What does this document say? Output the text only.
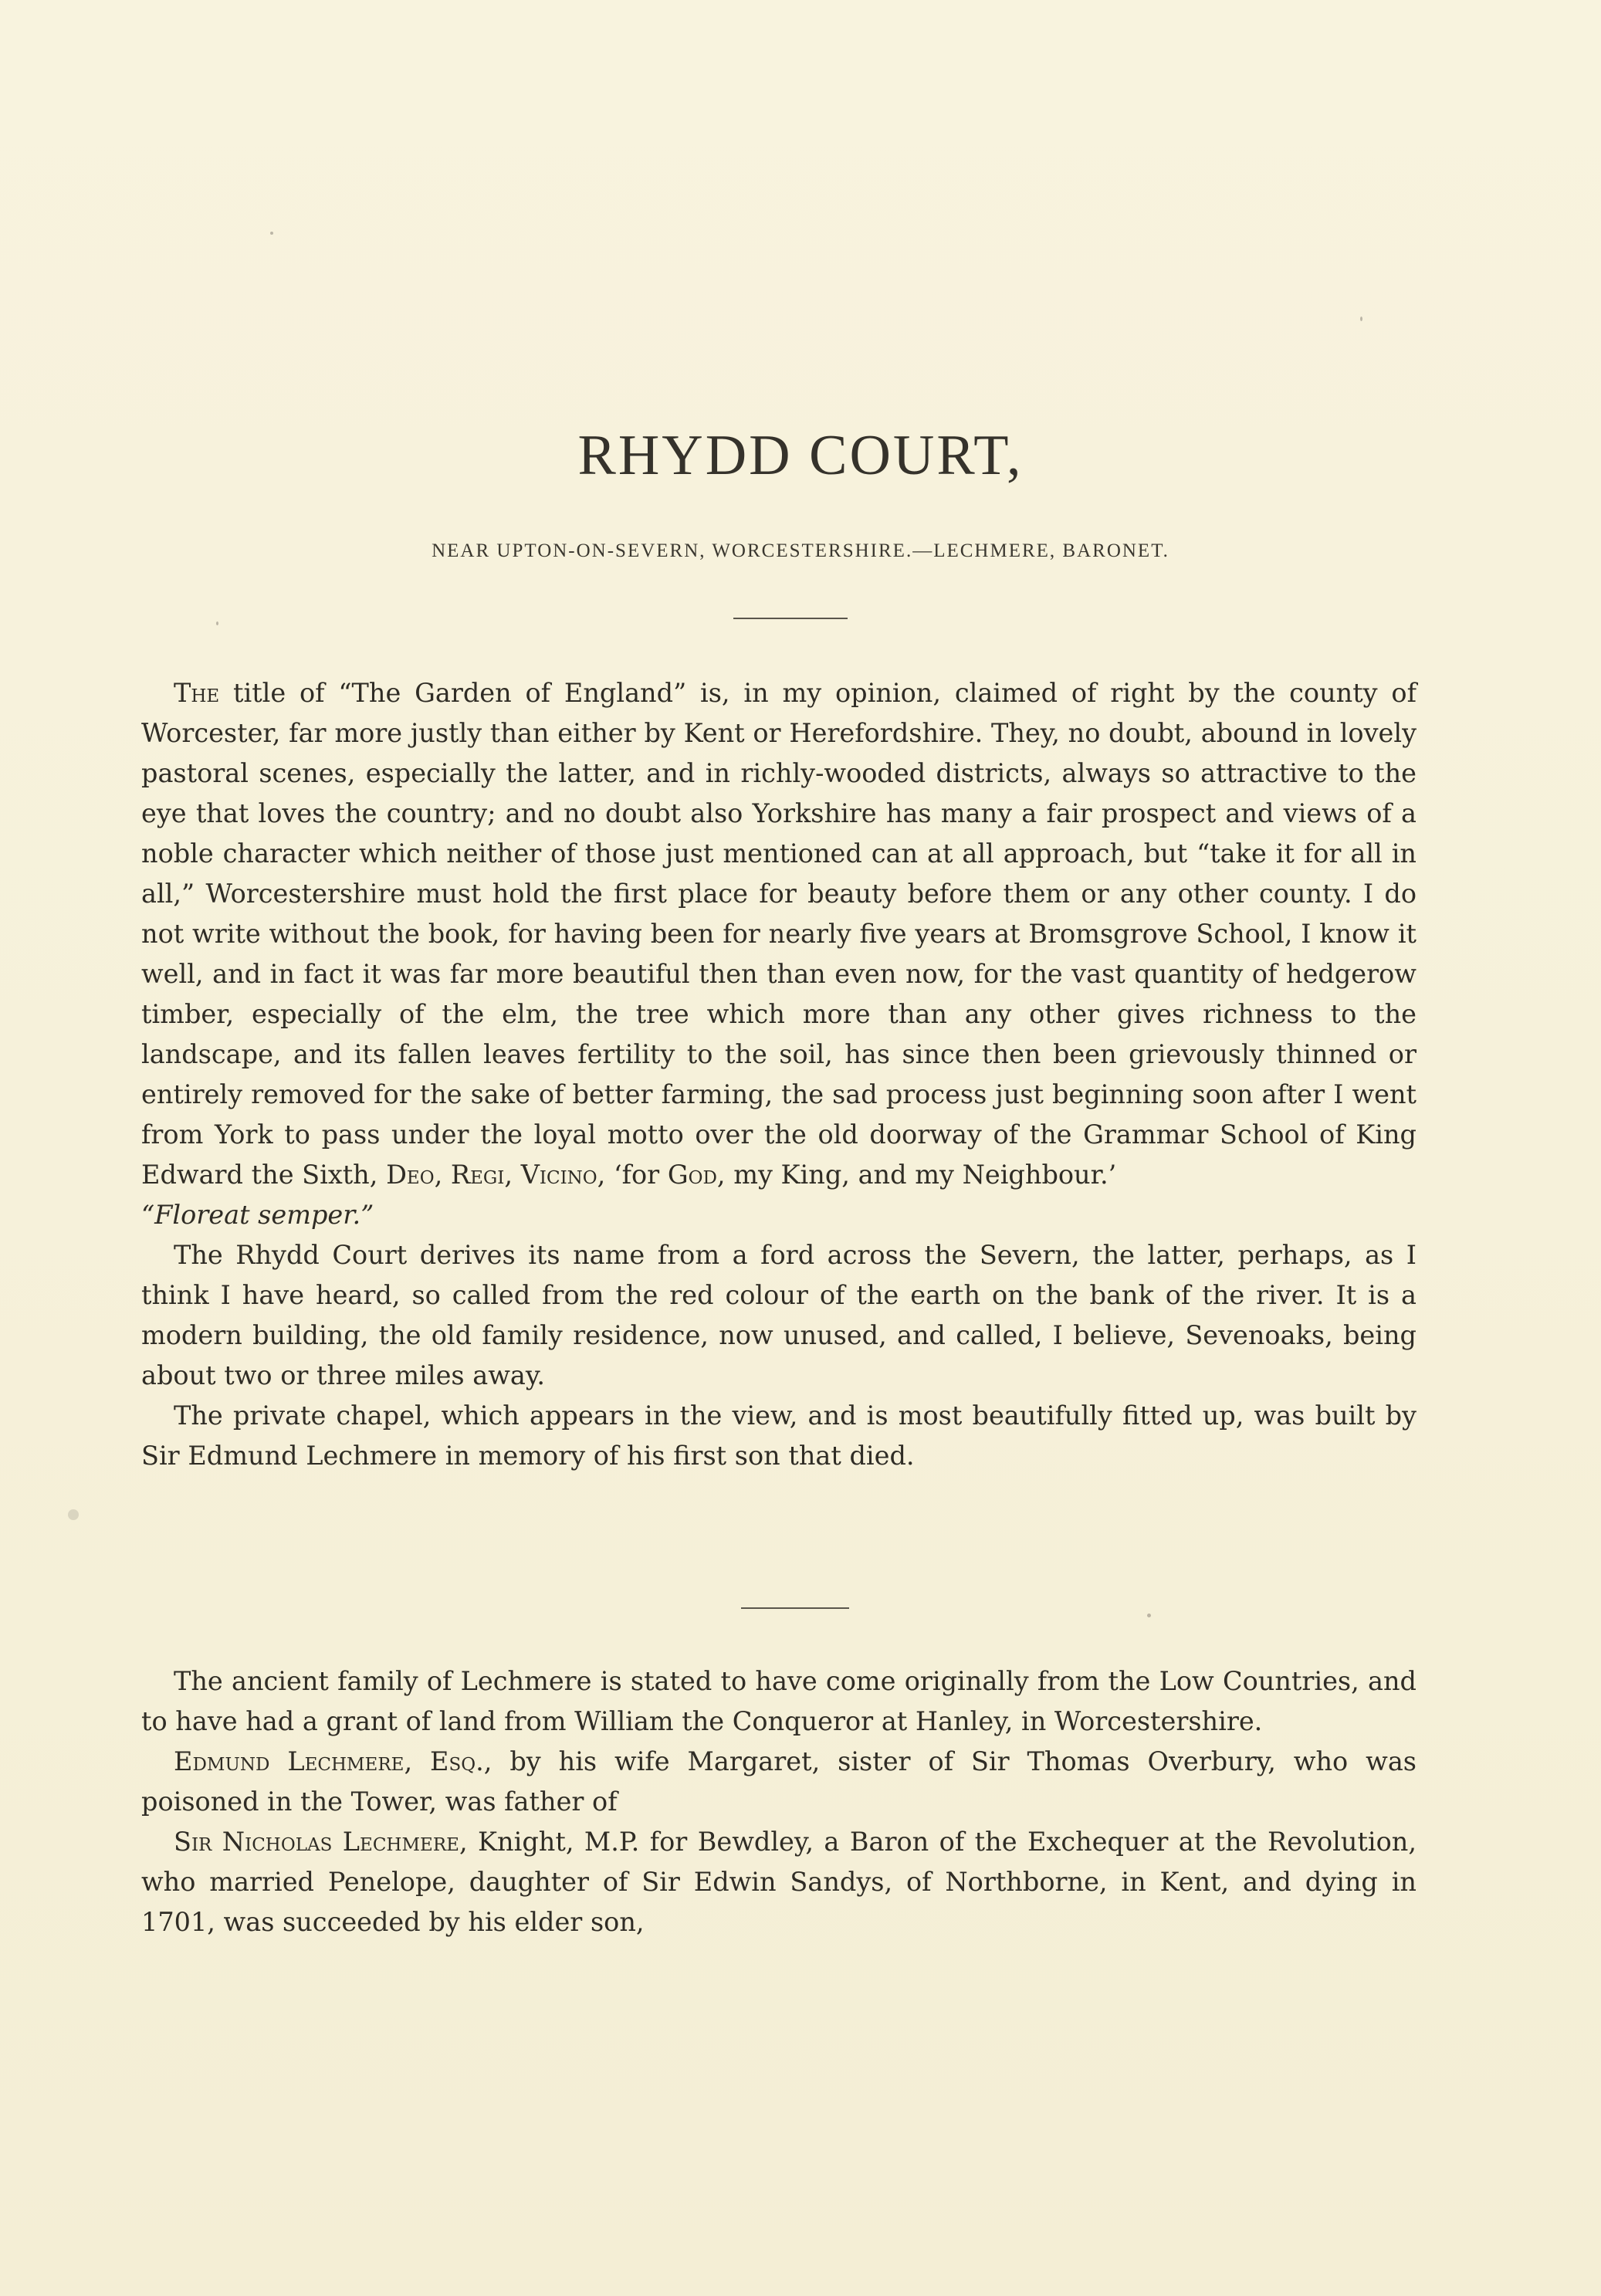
RHYDD COURT,
NEAR UPTON-ON-SEVERN, WORCESTERSHIRE.—LECHMERE, BARONET.

The title of “The Garden of England” is, in my opinion, claimed of right by the county of Worcester, far more justly than either by Kent or Herefordshire. They, no doubt, abound in lovely pastoral scenes, especially the latter, and in richly-wooded districts, always so attractive to the eye that loves the country; and no doubt also Yorkshire has many a fair prospect and views of a noble character which neither of those just mentioned can at all approach, but “take it for all in all,” Worcestershire must hold the first place for beauty before them or any other county. I do not write without the book, for having been for nearly five years at Bromsgrove School, I know it well, and in fact it was far more beautiful then than even now, for the vast quantity of hedgerow timber, especially of the elm, the tree which more than any other gives richness to the landscape, and its fallen leaves fertility to the soil, has since then been grievously thinned or entirely removed for the sake of better farming, the sad process just beginning soon after I went from York to pass under the loyal motto over the old doorway of the Grammar School of King Edward the Sixth, Deo, Regi, Vicino, ‘for God, my King, and my Neighbour.’

“Floreat semper.”

The Rhydd Court derives its name from a ford across the Severn, the latter, perhaps, as I think I have heard, so called from the red colour of the earth on the bank of the river. It is a modern building, the old family residence, now unused, and called, I believe, Sevenoaks, being about two or three miles away.

The private chapel, which appears in the view, and is most beautifully fitted up, was built by Sir Edmund Lechmere in memory of his first son that died.

The ancient family of Lechmere is stated to have come originally from the Low Countries, and to have had a grant of land from William the Conqueror at Hanley, in Worcestershire.

Edmund Lechmere, Esq., by his wife Margaret, sister of Sir Thomas Overbury, who was poisoned in the Tower, was father of

Sir Nicholas Lechmere, Knight, M.P. for Bewdley, a Baron of the Exchequer at the Revolution, who married Penelope, daughter of Sir Edwin Sandys, of Northborne, in Kent, and dying in 1701, was succeeded by his elder son,
